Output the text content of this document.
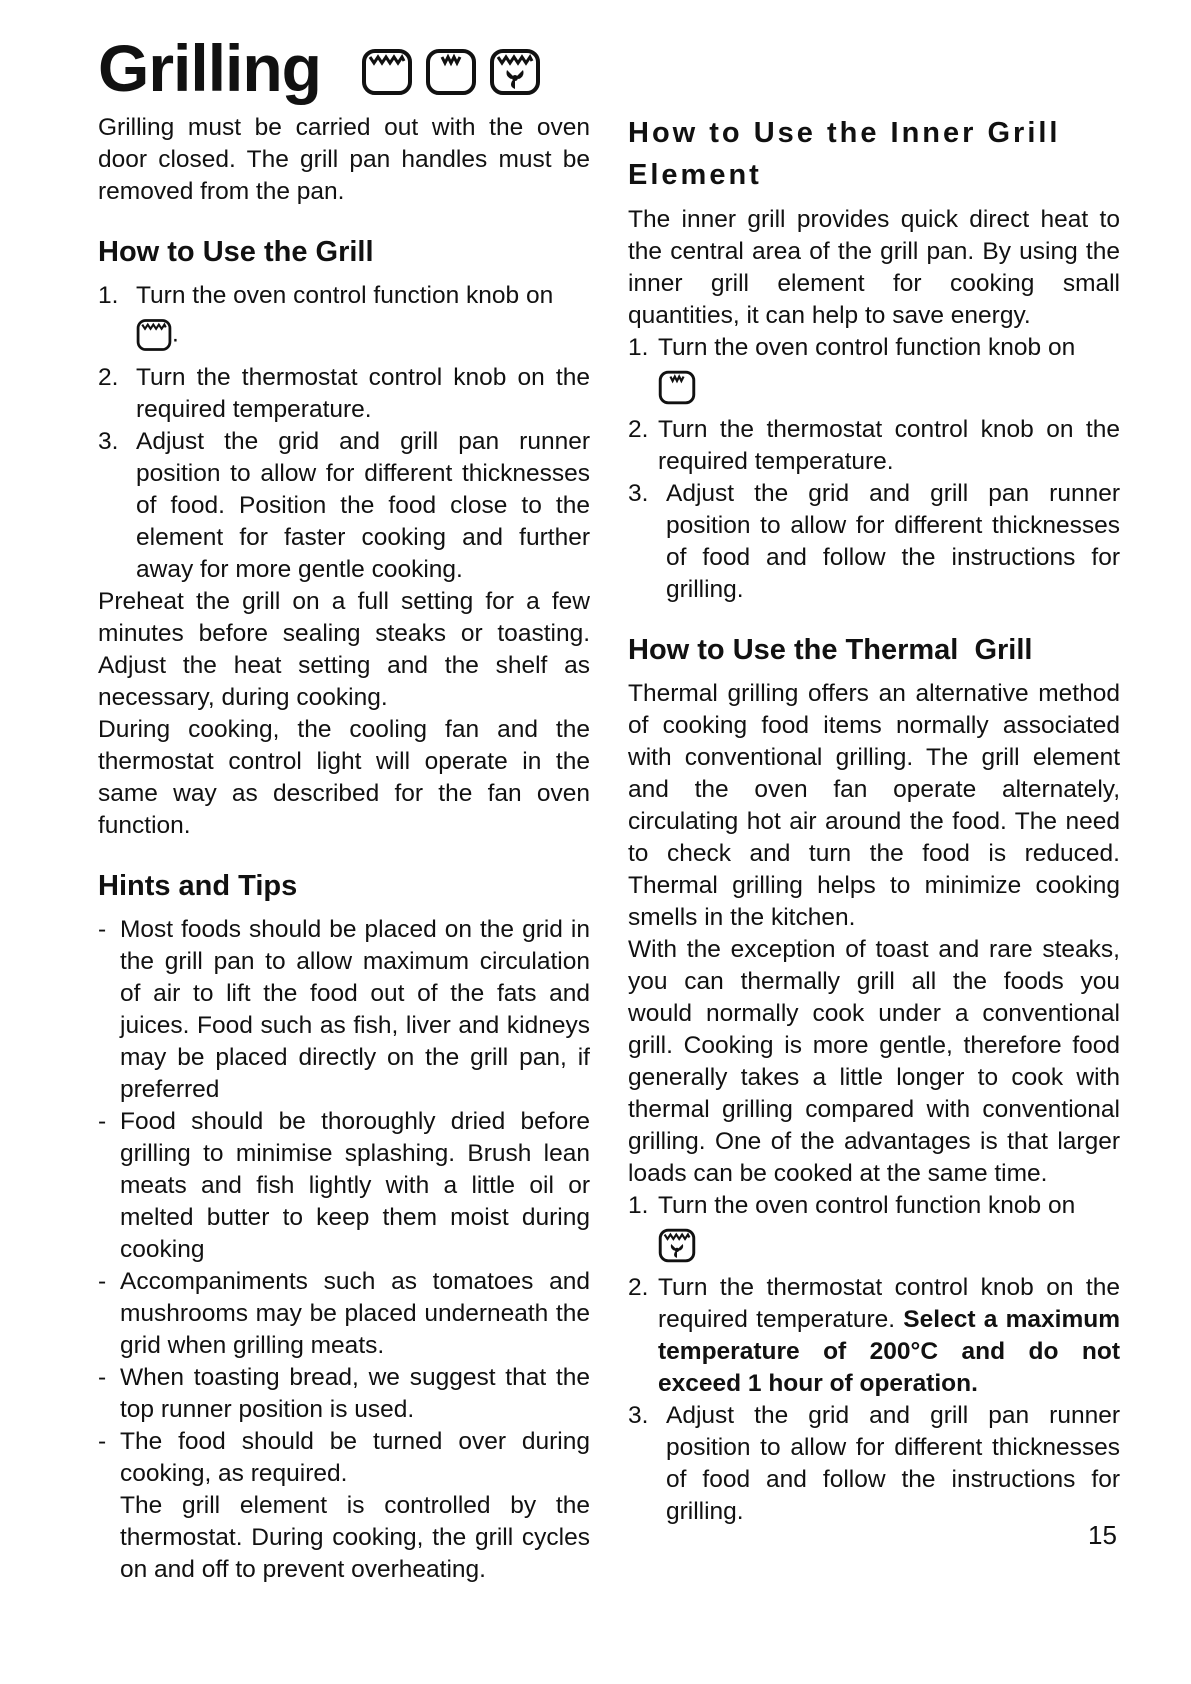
Grilling

Grilling must be carried out with the oven door closed. The grill pan handles must be removed from the pan.

How to Use the Grill
1. Turn the oven control function knob on
.
2. Turn the thermostat control knob on the required temperature.
3. Adjust the grid and grill pan runner position to allow for different thicknesses of food. Position the food close to the element for faster cooking and further away for more gentle cooking.

Preheat the grill on a full setting for a few minutes before sealing steaks or toasting. Adjust the heat setting and the shelf as necessary, during cooking.

During cooking, the cooling fan and the thermostat control light will operate in the same way as described for the fan oven function.

Hints and Tips
- Most foods should be placed on the grid in the grill pan to allow maximum circulation of air to lift the food out of the fats and juices. Food such as fish, liver and kidneys may be placed directly on the grill pan, if preferred
- Food should be thoroughly dried before grilling to minimise splashing. Brush lean meats and fish lightly with a little oil or melted butter to keep them moist during cooking
- Accompaniments such as tomatoes and mushrooms may be placed underneath the grid when grilling meats.
- When toasting bread, we suggest that the top runner position is used.
- The food should be turned over during cooking, as required.

The grill element is controlled by the thermostat. During cooking, the grill cycles on and off to prevent overheating.

How to Use the Inner Grill Element

The inner grill provides quick direct heat to the central area of the grill pan. By using the inner grill element for cooking small quantities, it can help to save energy.

1. Turn the oven control function knob on
2. Turn the thermostat control knob on the required temperature.
3. Adjust the grid and grill pan runner position to allow for different thicknesses of food and follow the instructions for grilling.
How to Use the Thermal  Grill

Thermal grilling offers an alternative method of cooking food items normally associated with conventional grilling. The grill element and the oven fan operate alternately, circulating hot air around the food. The need to check and turn the food is reduced. Thermal grilling helps to minimize cooking smells in the kitchen.

With the exception of toast and rare steaks, you can thermally grill all the foods you would normally cook under a conventional grill. Cooking is more gentle, therefore food generally takes a little longer to cook with thermal grilling compared with conventional grilling. One of the advantages is that larger loads can be cooked at the same time.

1. Turn the oven control function knob on
2. Turn the thermostat control knob on the required temperature. Select a maximum temperature of 200°C and do not exceed 1 hour of operation.
3. Adjust the grid and grill pan runner position to allow for different thicknesses of food and follow the instructions for grilling.
15
